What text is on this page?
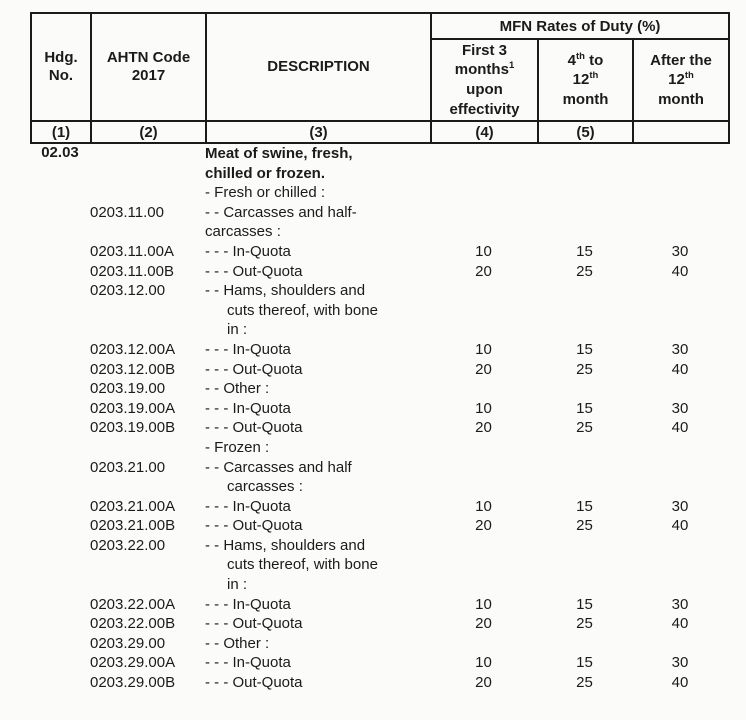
Hdg.
No.

AHTN Code
2017
	DESCRIPTION	MFN Rates of Duty (%)

First 3
months$^1$
upon
effectivity

4th to
12th
month

After the
12th
month

(1)	(2)	(3)	(4)	(5)	
02.03		Meat of swine, fresh,
chilled or frozen.			

		- Fresh or chilled :			

	0203.11.00	- - Carcasses and half-
carcasses :			

	0203.11.00A	- - - In-Quota	10	15	30
	0203.11.00B	- - - Out-Quota	20	25	40
	0203.12.00	- - Hams, shoulders and
cuts thereof, with bone
in :			

	0203.12.00A	- - - In-Quota	10	15	30
	0203.12.00B	- - - Out-Quota	20	25	40
	0203.19.00	- - Other :			

	0203.19.00A	- - - In-Quota	10	15	30
	0203.19.00B	- - - Out-Quota	20	25	40

		- Frozen :			

	0203.21.00	- - Carcasses and half
carcasses :			

	0203.21.00A	- - - In-Quota	10	15	30
	0203.21.00B	- - - Out-Quota	20	25	40
	0203.22.00	- - Hams, shoulders and
cuts thereof, with bone
in :			

	0203.22.00A	- - - In-Quota	10	15	30
	0203.22.00B	- - - Out-Quota	20	25	40
	0203.29.00	- - Other :			

	0203.29.00A	- - - In-Quota	10	15	30
	0203.29.00B	- - - Out-Quota	20	25	40
